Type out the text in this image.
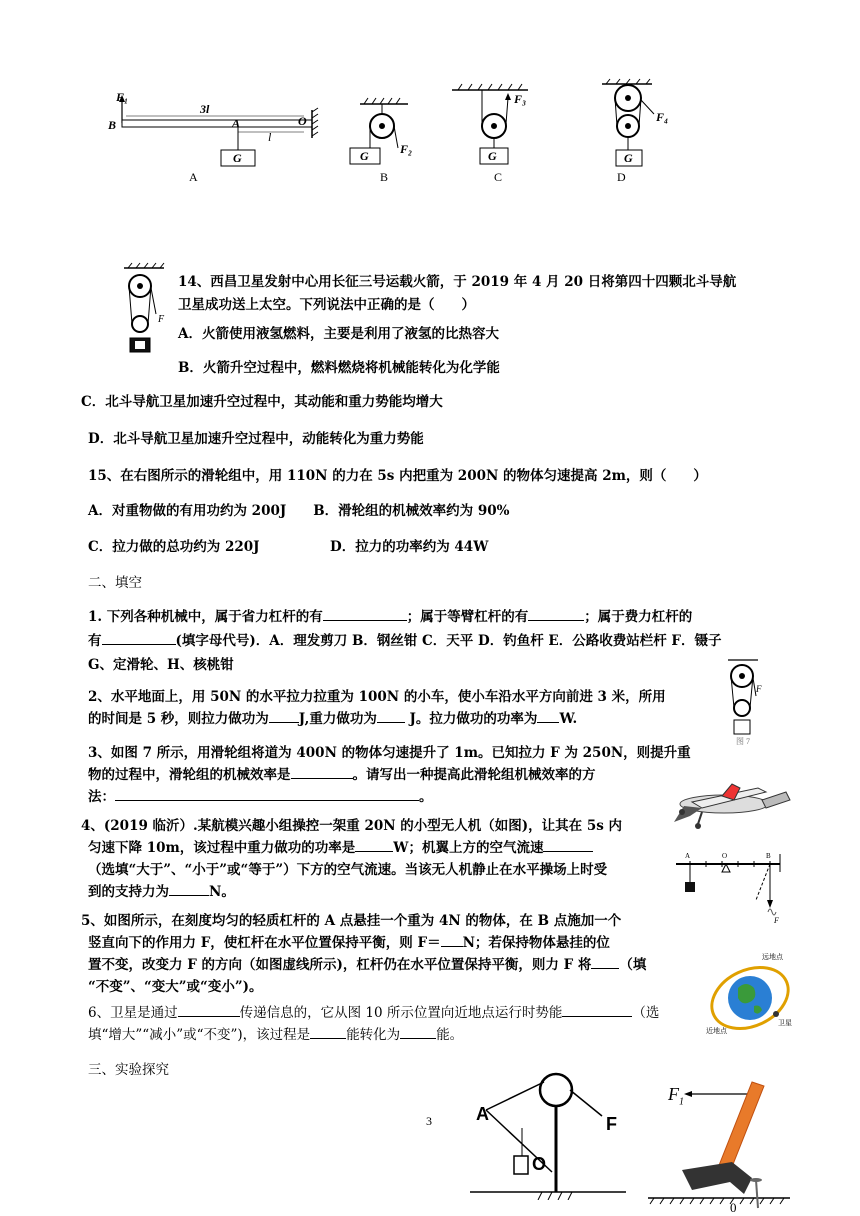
F₁
B
3l
A	O
l
G
A
F₂
G
B
F₃
G
C
F₄
G
D
F
14、西昌卫星发射中心用长征三号运载火箭，于 2019 年 4 月 20 日将第四十四颗北斗导航
卫星成功送上太空。下列说法中正确的是（　　）
A．火箭使用液氢燃料，主要是利用了液氢的比热容大
B．火箭升空过程中，燃料燃烧将机械能转化为化学能
C．北斗导航卫星加速升空过程中，其动能和重力势能均增大
D．北斗导航卫星加速升空过程中，动能转化为重力势能
15、在右图所示的滑轮组中，用 110N 的力在 5s 内把重为 200N 的物体匀速提高 2m，则（　　）
A．对重物做的有用功约为 200J　　B．滑轮组的机械效率约为 90%
C．拉力做的总功约为 220J	D．拉力的功率约为 44W
二、填空
1. 下列各种机械中，属于省力杠杆的有	；属于等臂杠杆的有	；属于费力杠杆的
有	(填字母代号)．A．理发剪刀 B．钢丝钳 C．天平 D．钓鱼杆 E．公路收费站栏杆 F．镊子
G、定滑轮、H、核桃钳
2、水平地面上，用 50N 的水平拉力拉重为 100N 的小车，使小车沿水平方向前进 3 米，所用
的时间是 5 秒，则拉力做功为 J,重力做功为 J。拉力做功的功率为 W.
F
图 7
3、如图 7 所示，用滑轮组将道为 400N 的物体匀速提升了 1m。已知拉力 F 为 250N，则提升重
物的过程中，滑轮组的机械效率是	。请写出一种提高此滑轮组机械效率的方
法：	。
4、(2019 临沂）.某航模兴趣小组操控一架重 20N 的小型无人机（如图)，让其在 5s 内
匀速下降 10m，该过程中重力做功的功率是	W；机翼上方的空气流速
（选填“大于”、“小于”或“等于”）下方的空气流速。当该无人机静止在水平操场上时受
到的支持力为	N。
A	O	B
F
5、如图所示，在刻度均匀的轻质杠杆的 A 点悬挂一个重为 4N 的物体，在 B 点施加一个
竖直向下的作用力 F，使杠杆在水平位置保持平衡，则 F＝ N；若保持物体悬挂的位
置不变，改变力 F 的方向（如图虚线所示)，杠杆仍在水平位置保持平衡，则力 F 将 （填
“不变”、“变大”或“变小”)。
远地点
卫星
近地点
6、卫星是通过	传递信息的，它从图 10 所示位置向近地点运行时势能	（选
填“增大”“减小”或“不变”)，该过程是	能转化为	能。
三、实验探究
3 A
O
F
$F_1$
0
